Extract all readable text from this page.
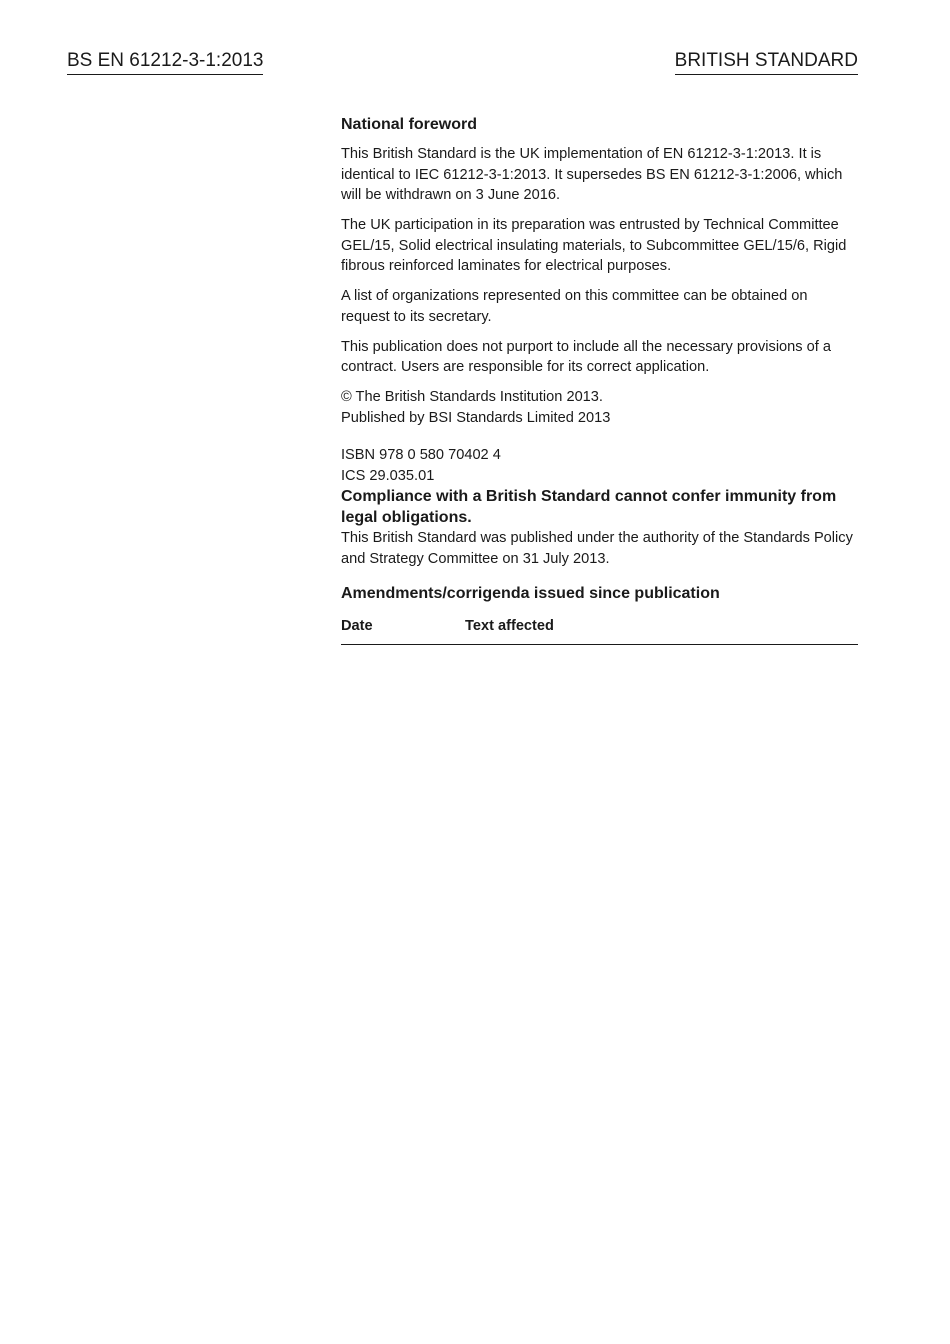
BS EN 61212-3-1:2013	BRITISH STANDARD
National foreword

This British Standard is the UK implementation of EN 61212-3-1:2013. It is identical to IEC 61212-3-1:2013. It supersedes BS EN 61212-3-1:2006, which will be withdrawn on 3 June 2016.

The UK participation in its preparation was entrusted by Technical Committee GEL/15, Solid electrical insulating materials, to Subcommittee GEL/15/6, Rigid fibrous reinforced laminates for electrical purposes.

A list of organizations represented on this committee can be obtained on request to its secretary.

This publication does not purport to include all the necessary provisions of a contract. Users are responsible for its correct application.

© The British Standards Institution 2013.

Published by BSI Standards Limited 2013

ISBN 978 0 580 70402 4

ICS 29.035.01

Compliance with a British Standard cannot confer immunity from legal obligations.

This British Standard was published under the authority of the Standards Policy and Strategy Committee on 31 July 2013.

Amendments/corrigenda issued since publication
Date	Text affected
